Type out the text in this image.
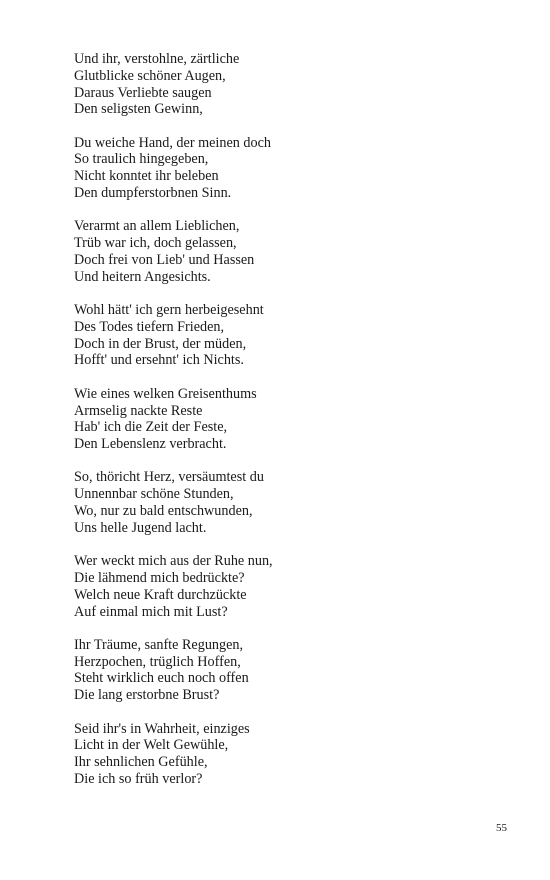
Und ihr, verstohlne, zärtliche
Glutblicke schöner Augen,
Daraus Verliebte saugen
Den seligsten Gewinn,
Du weiche Hand, der meinen doch
So traulich hingegeben,
Nicht konntet ihr beleben
Den dumpferstorbnen Sinn.
Verarmt an allem Lieblichen,
Trüb war ich, doch gelassen,
Doch frei von Lieb' und Hassen
Und heitern Angesichts.
Wohl hätt' ich gern herbeigesehnt
Des Todes tiefern Frieden,
Doch in der Brust, der müden,
Hofft' und ersehnt' ich Nichts.
Wie eines welken Greisenthums
Armselig nackte Reste
Hab' ich die Zeit der Feste,
Den Lebenslenz verbracht.
So, thöricht Herz, versäumtest du
Unnennbar schöne Stunden,
Wo, nur zu bald entschwunden,
Uns helle Jugend lacht.
Wer weckt mich aus der Ruhe nun,
Die lähmend mich bedrückte?
Welch neue Kraft durchzückte
Auf einmal mich mit Lust?
Ihr Träume, sanfte Regungen,
Herzpochen, trüglich Hoffen,
Steht wirklich euch noch offen
Die lang erstorbne Brust?
Seid ihr's in Wahrheit, einziges
Licht in der Welt Gewühle,
Ihr sehnlichen Gefühle,
Die ich so früh verlor?
55
